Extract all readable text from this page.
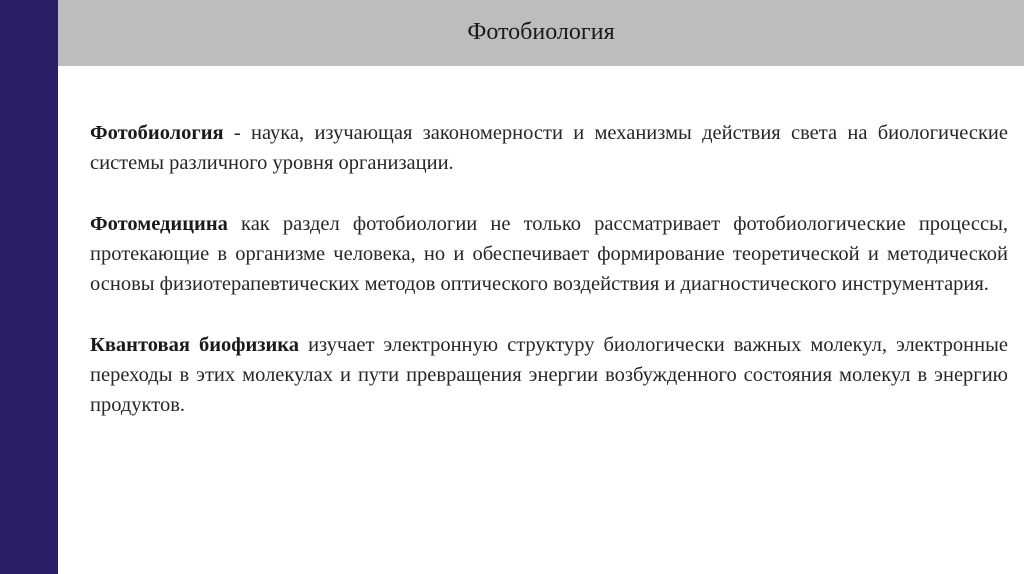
Фотобиология

Фотобиология - наука, изучающая закономерности и механизмы действия света на биологические системы различного уровня организации.

Фотомедицина как раздел фотобиологии не только рассматривает фотобиологические процессы, протекающие в организме человека, но и обеспечивает формирование теоретической и методической основы физиотерапевтических методов оптического воздействия и диагностического инструментария.

Квантовая биофизика изучает электронную структуру биологически важных молекул, электронные переходы в этих молекулах и пути превращения энергии возбужденного состояния молекул в энергию продуктов.
